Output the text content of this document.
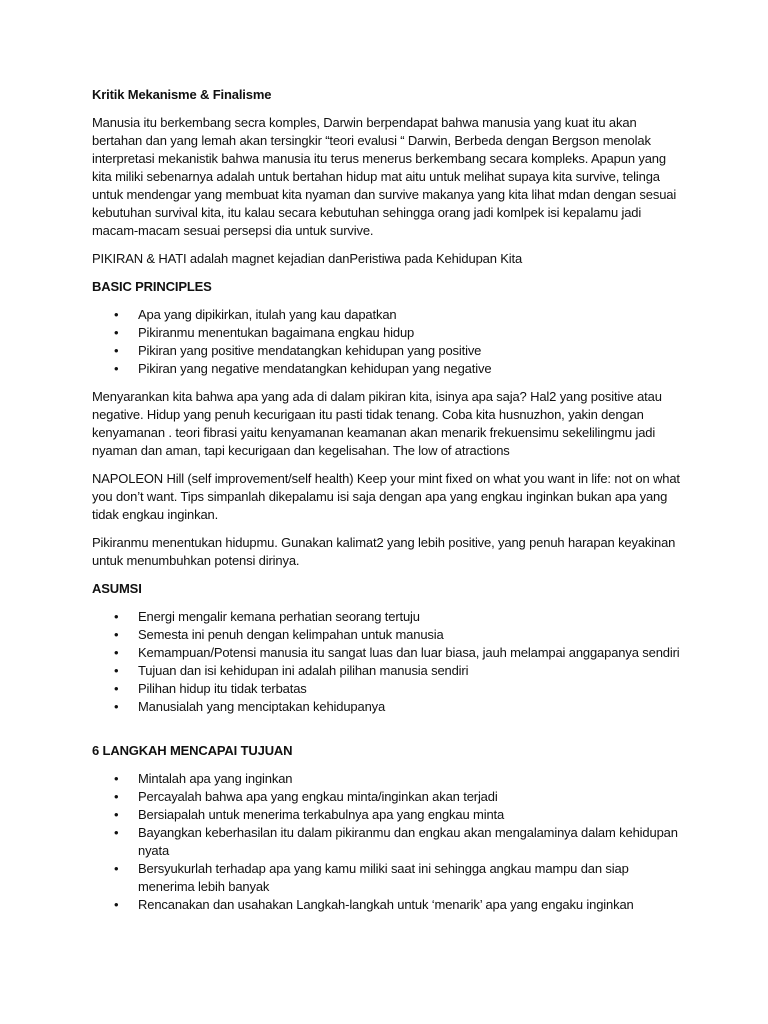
Kritik Mekanisme & Finalisme

Manusia itu berkembang secra komples, Darwin berpendapat bahwa manusia yang kuat itu akan bertahan dan yang lemah akan tersingkir “teori evalusi “ Darwin, Berbeda dengan Bergson menolak interpretasi mekanistik bahwa manusia itu terus menerus berkembang secara kompleks. Apapun yang kita miliki sebenarnya adalah untuk bertahan hidup mat aitu untuk melihat supaya kita survive, telinga untuk mendengar yang membuat kita nyaman dan survive makanya yang kita lihat mdan dengan sesuai kebutuhan survival kita, itu kalau secara kebutuhan sehingga orang jadi komlpek isi kepalamu jadi macam-macam sesuai persepsi dia untuk survive.

PIKIRAN & HATI adalah magnet kejadian danPeristiwa pada Kehidupan Kita

BASIC PRINCIPLES
• Apa yang dipikirkan, itulah yang kau dapatkan
• Pikiranmu menentukan bagaimana engkau hidup
• Pikiran yang positive mendatangkan kehidupan yang positive
• Pikiran yang negative mendatangkan kehidupan yang negative

Menyarankan kita bahwa apa yang ada di dalam pikiran kita, isinya apa saja? Hal2 yang positive atau negative. Hidup yang penuh kecurigaan itu pasti tidak tenang. Coba kita husnuzhon, yakin dengan kenyamanan . teori fibrasi yaitu kenyamanan keamanan akan menarik frekuensimu sekelilingmu jadi nyaman dan aman, tapi kecurigaan dan kegelisahan. The low of atractions

NAPOLEON Hill (self improvement/self health) Keep your mint fixed on what you want in life: not on what you don’t want. Tips simpanlah dikepalamu isi saja dengan apa yang engkau inginkan bukan apa yang tidak engkau inginkan.

Pikiranmu menentukan hidupmu. Gunakan kalimat2 yang lebih positive, yang penuh harapan keyakinan untuk menumbuhkan potensi dirinya.

ASUMSI
• Energi mengalir kemana perhatian seorang tertuju
• Semesta ini penuh dengan kelimpahan untuk manusia
• Kemampuan/Potensi manusia itu sangat luas dan luar biasa, jauh melampai anggapanya sendiri
• Tujuan dan isi kehidupan ini adalah pilihan manusia sendiri
• Pilihan hidup itu tidak terbatas
• Manusialah yang menciptakan kehidupanya
6 LANGKAH MENCAPAI TUJUAN
• Mintalah apa yang inginkan
• Percayalah bahwa apa yang engkau minta/inginkan akan terjadi
• Bersiapalah untuk menerima terkabulnya apa yang engkau minta
• Bayangkan keberhasilan itu dalam pikiranmu dan engkau akan mengalaminya dalam kehidupan nyata
• Bersyukurlah terhadap apa yang kamu miliki saat ini sehingga angkau mampu dan siap menerima lebih banyak
• Rencanakan dan usahakan Langkah-langkah untuk ‘menarik’ apa yang engaku inginkan
